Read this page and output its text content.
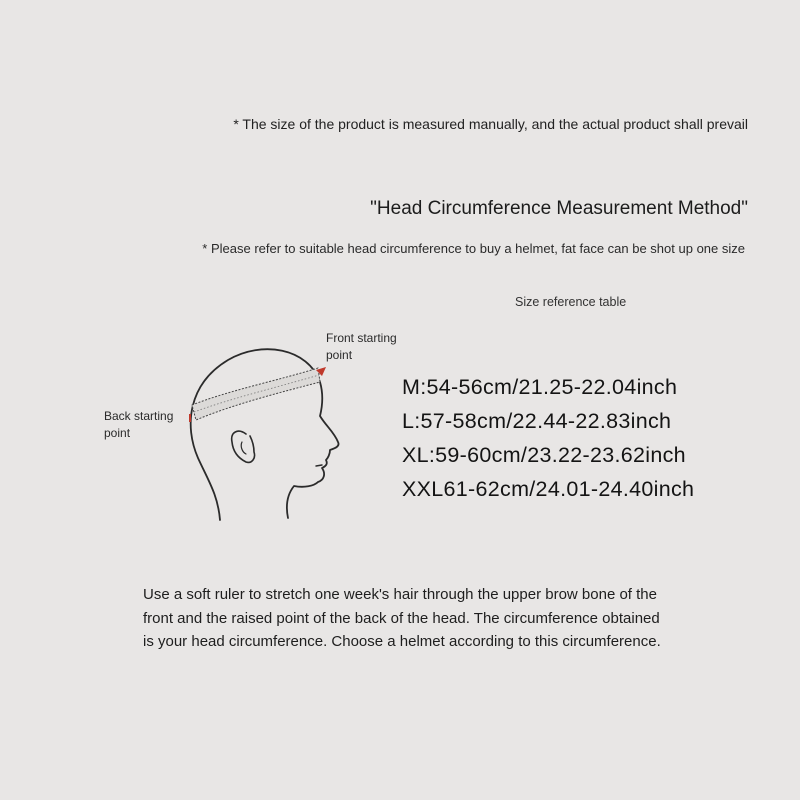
* The size of the product is measured manually, and the actual product shall prevail
"Head Circumference Measurement Method"
* Please refer to suitable head circumference to buy a helmet, fat face can be shot up one size
Size reference table
Front starting point
Back starting point
M:54-56cm/21.25-22.04inch
L:57-58cm/22.44-22.83inch
XL:59-60cm/23.22-23.62inch
XXL61-62cm/24.01-24.40inch
Use a soft ruler to stretch one week's hair through the upper brow bone of the front and the raised point of the back of the head. The circumference obtained is your head circumference. Choose a helmet according to this circumference.
